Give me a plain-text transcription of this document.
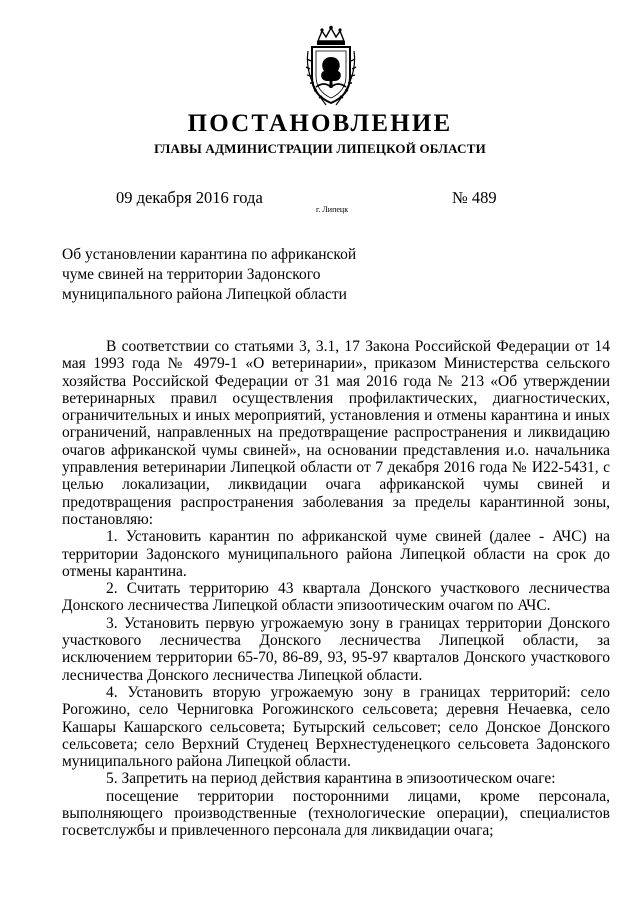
ПОСТАНОВЛЕНИЕ
ГЛАВЫ АДМИНИСТРАЦИИ ЛИПЕЦКОЙ ОБЛАСТИ
09 декабря 2016 года
г. Липецк
№ 489
Об установлении карантина по африканской чуме свиней на территории Задонского муниципального района Липецкой области

В соответствии со статьями 3, 3.1, 17 Закона Российской Федерации от 14 мая 1993 года № 4979-1 «О ветеринарии», приказом Министерства сельского хозяйства Российской Федерации от 31 мая 2016 года № 213 «Об утверждении ветеринарных правил осуществления профилактических, диагностических, ограничительных и иных мероприятий, установления и отмены карантина и иных ограничений, направленных на предотвращение распространения и ликвидацию очагов африканской чумы свиней», на основании представления и.о. начальника управления ветеринарии Липецкой области от 7 декабря 2016 года № И22-5431, с целью локализации, ликвидации очага африканской чумы свиней и предотвращения распространения заболевания за пределы карантинной зоны, постановляю:

1. Установить карантин по африканской чуме свиней (далее - АЧС) на территории Задонского муниципального района Липецкой области на срок до отмены карантина.

2. Считать территорию 43 квартала Донского участкового лесничества Донского лесничества Липецкой области эпизоотическим очагом по АЧС.

3. Установить первую угрожаемую зону в границах территории Донского участкового лесничества Донского лесничества Липецкой области, за исключением территории 65-70, 86-89, 93, 95-97 кварталов Донского участкового лесничества Донского лесничества Липецкой области.

4. Установить вторую угрожаемую зону в границах территорий: село Рогожино, село Черниговка Рогожинского сельсовета; деревня Нечаевка, село Кашары Кашарского сельсовета; Бутырский сельсовет; село Донское Донского сельсовета; село Верхний Студенец Верхнестуденецкого сельсовета Задонского муниципального района Липецкой области.

5. Запретить на период действия карантина в эпизоотическом очаге:

посещение территории посторонними лицами, кроме персонала, выполняющего производственные (технологические операции), специалистов госветслужбы и привлеченного персонала для ликвидации очага;
